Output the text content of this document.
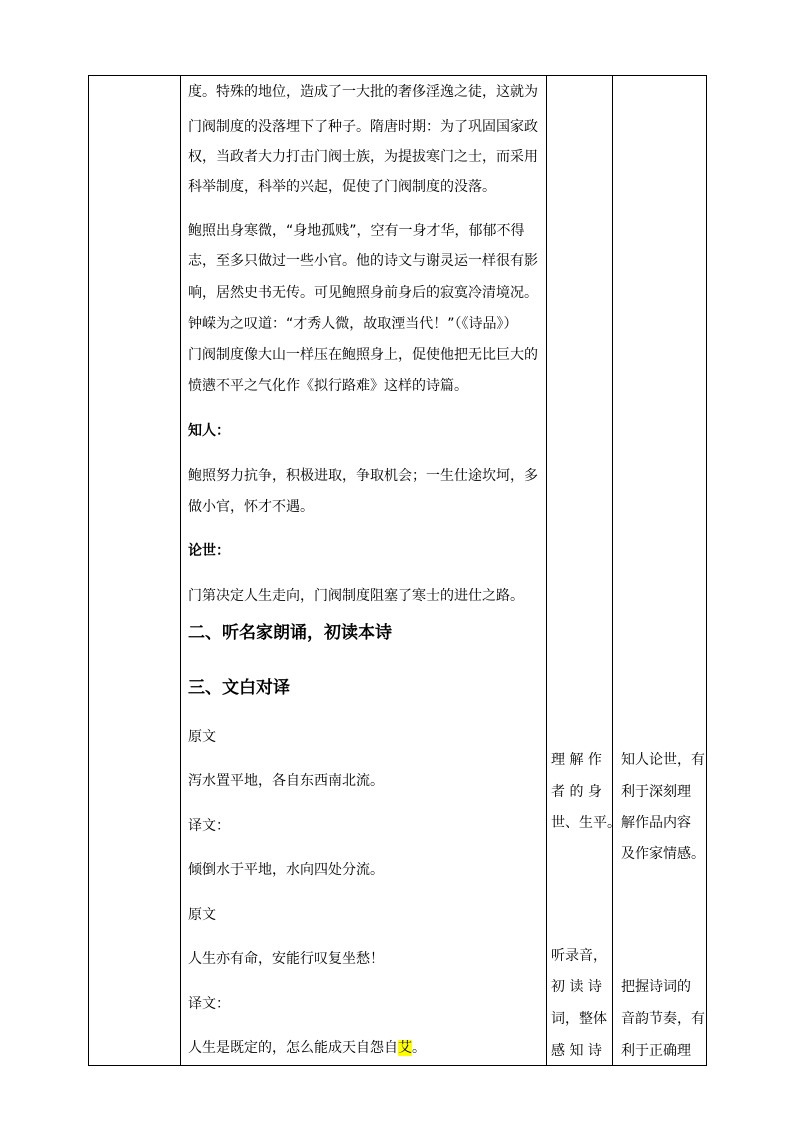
度。特殊的地位，造成了一大批的奢侈淫逸之徒，这就为
门阀制度的没落埋下了种子。隋唐时期：为了巩固国家政
权，当政者大力打击门阀士族，为提拔寒门之士，而采用
科举制度，科举的兴起，促使了门阀制度的没落。
鲍照出身寒微，“身地孤贱”，空有一身才华，郁郁不得
志，至多只做过一些小官。他的诗文与谢灵运一样很有影
响，居然史书无传。可见鲍照身前身后的寂寞冷清境况。
钟嵘为之叹道：“才秀人微，故取湮当代！”（《诗品》）
门阀制度像大山一样压在鲍照身上，促使他把无比巨大的
愤懑不平之气化作《拟行路难》这样的诗篇。
知人：
鲍照努力抗争，积极进取，争取机会；一生仕途坎坷，多
做小官，怀才不遇。
论世：
门第决定人生走向，门阀制度阻塞了寒士的进仕之路。
二、听名家朗诵，初读本诗
三、文白对译
原文
泻水置平地，各自东西南北流。
译文：
倾倒水于平地，水向四处分流。
原文
人生亦有命，安能行叹复坐愁！
译文：
人生是既定的，怎么能成天自怨自艾。
理 解 作
者 的 身
世、生平。
听录音，
初 读 诗
词，整体
感 知 诗
知人论世，有
利于深刻理
解作品内容
及作家情感。
把握诗词的
音韵节奏，有
利于正确理
